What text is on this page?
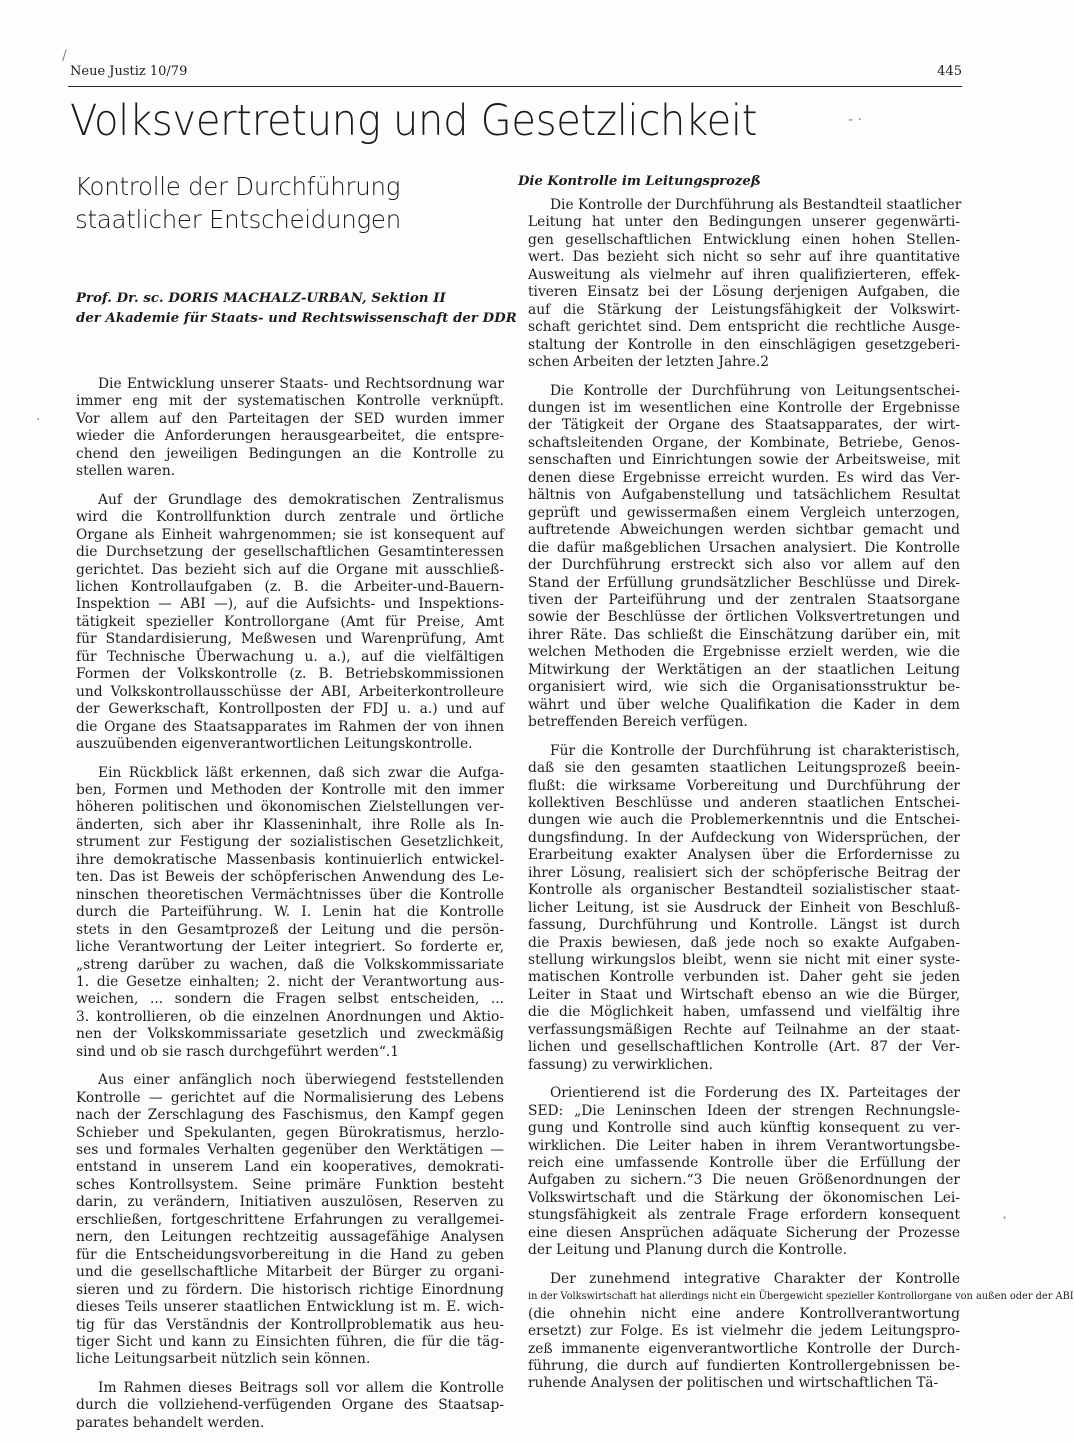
Neue Justiz 10/79	445
Volksvertretung und Gesetzlichkeit
Kontrolle der Durchführung
staatlicher Entscheidungen
Prof. Dr. sc. DORIS MACHALZ-URBAN, Sektion II
der Akademie für Staats- und Rechtswissenschaft der DDR
Die Entwicklung unserer Staats- und Rechtsordnung war
immer eng mit der systematischen Kontrolle verknüpft.
Vor allem auf den Parteitagen der SED wurden immer
wieder die Anforderungen herausgearbeitet, die entspre-
chend den jeweiligen Bedingungen an die Kontrolle zu
stellen waren.
Auf der Grundlage des demokratischen Zentralismus
wird die Kontrollfunktion durch zentrale und örtliche
Organe als Einheit wahrgenommen; sie ist konsequent auf
die Durchsetzung der gesellschaftlichen Gesamtinteressen
gerichtet. Das bezieht sich auf die Organe mit ausschließ-
lichen Kontrollaufgaben (z. B. die Arbeiter-und-Bauern-
Inspektion — ABI —), auf die Aufsichts- und Inspektions-
tätigkeit spezieller Kontrollorgane (Amt für Preise, Amt
für Standardisierung, Meßwesen und Warenprüfung, Amt
für Technische Überwachung u. a.), auf die vielfältigen
Formen der Volkskontrolle (z. B. Betriebskommissionen
und Volkskontrollausschüsse der ABI, Arbeiterkontrolleure
der Gewerkschaft, Kontrollposten der FDJ u. a.) und auf
die Organe des Staatsapparates im Rahmen der von ihnen
auszuübenden eigenverantwortlichen Leitungskontrolle.
Ein Rückblick läßt erkennen, daß sich zwar die Aufga-
ben, Formen und Methoden der Kontrolle mit den immer
höheren politischen und ökonomischen Zielstellungen ver-
änderten, sich aber ihr Klasseninhalt, ihre Rolle als In-
strument zur Festigung der sozialistischen Gesetzlichkeit,
ihre demokratische Massenbasis kontinuierlich entwickel-
ten. Das ist Beweis der schöpferischen Anwendung des Le-
ninschen theoretischen Vermächtnisses über die Kontrolle
durch die Parteiführung. W. I. Lenin hat die Kontrolle
stets in den Gesamtprozeß der Leitung und die persön-
liche Verantwortung der Leiter integriert. So forderte er,
„streng darüber zu wachen, daß die Volkskommissariate
1. die Gesetze einhalten; 2. nicht der Verantwortung aus-
weichen, ... sondern die Fragen selbst entscheiden, ...
3. kontrollieren, ob die einzelnen Anordnungen und Aktio-
nen der Volkskommissariate gesetzlich und zweckmäßig
sind und ob sie rasch durchgeführt werden“.1
Aus einer anfänglich noch überwiegend feststellenden
Kontrolle — gerichtet auf die Normalisierung des Lebens
nach der Zerschlagung des Faschismus, den Kampf gegen
Schieber und Spekulanten, gegen Bürokratismus, herzlo-
ses und formales Verhalten gegenüber den Werktätigen —
entstand in unserem Land ein kooperatives, demokrati-
sches Kontrollsystem. Seine primäre Funktion besteht
darin, zu verändern, Initiativen auszulösen, Reserven zu
erschließen, fortgeschrittene Erfahrungen zu verallgemei-
nern, den Leitungen rechtzeitig aussagefähige Analysen
für die Entscheidungsvorbereitung in die Hand zu geben
und die gesellschaftliche Mitarbeit der Bürger zu organi-
sieren und zu fördern. Die historisch richtige Einordnung
dieses Teils unserer staatlichen Entwicklung ist m. E. wich-
tig für das Verständnis der Kontrollproblematik aus heu-
tiger Sicht und kann zu Einsichten führen, die für die täg-
liche Leitungsarbeit nützlich sein können.
Im Rahmen dieses Beitrags soll vor allem die Kontrolle
durch die vollziehend-verfügenden Organe des Staatsap-
parates behandelt werden.
Die Kontrolle im Leitungsprozeß
Die Kontrolle der Durchführung als Bestandteil staatlicher
Leitung hat unter den Bedingungen unserer gegenwärti-
gen gesellschaftlichen Entwicklung einen hohen Stellen-
wert. Das bezieht sich nicht so sehr auf ihre quantitative
Ausweitung als vielmehr auf ihren qualifizierteren, effek-
tiveren Einsatz bei der Lösung derjenigen Aufgaben, die
auf die Stärkung der Leistungsfähigkeit der Volkswirt-
schaft gerichtet sind. Dem entspricht die rechtliche Ausge-
staltung der Kontrolle in den einschlägigen gesetzgeberi-
schen Arbeiten der letzten Jahre.2
Die Kontrolle der Durchführung von Leitungsentschei-
dungen ist im wesentlichen eine Kontrolle der Ergebnisse
der Tätigkeit der Organe des Staatsapparates, der wirt-
schaftsleitenden Organe, der Kombinate, Betriebe, Genos-
senschaften und Einrichtungen sowie der Arbeitsweise, mit
denen diese Ergebnisse erreicht wurden. Es wird das Ver-
hältnis von Aufgabenstellung und tatsächlichem Resultat
geprüft und gewissermaßen einem Vergleich unterzogen,
auftretende Abweichungen werden sichtbar gemacht und
die dafür maßgeblichen Ursachen analysiert. Die Kontrolle
der Durchführung erstreckt sich also vor allem auf den
Stand der Erfüllung grundsätzlicher Beschlüsse und Direk-
tiven der Parteiführung und der zentralen Staatsorgane
sowie der Beschlüsse der örtlichen Volksvertretungen und
ihrer Räte. Das schließt die Einschätzung darüber ein, mit
welchen Methoden die Ergebnisse erzielt werden, wie die
Mitwirkung der Werktätigen an der staatlichen Leitung
organisiert wird, wie sich die Organisationsstruktur be-
währt und über welche Qualifikation die Kader in dem
betreffenden Bereich verfügen.
Für die Kontrolle der Durchführung ist charakteristisch,
daß sie den gesamten staatlichen Leitungsprozeß beein-
flußt: die wirksame Vorbereitung und Durchführung der
kollektiven Beschlüsse und anderen staatlichen Entschei-
dungen wie auch die Problemerkenntnis und die Entschei-
dungsfindung. In der Aufdeckung von Widersprüchen, der
Erarbeitung exakter Analysen über die Erfordernisse zu
ihrer Lösung, realisiert sich der schöpferische Beitrag der
Kontrolle als organischer Bestandteil sozialistischer staat-
licher Leitung, ist sie Ausdruck der Einheit von Beschluß-
fassung, Durchführung und Kontrolle. Längst ist durch
die Praxis bewiesen, daß jede noch so exakte Aufgaben-
stellung wirkungslos bleibt, wenn sie nicht mit einer syste-
matischen Kontrolle verbunden ist. Daher geht sie jeden
Leiter in Staat und Wirtschaft ebenso an wie die Bürger,
die die Möglichkeit haben, umfassend und vielfältig ihre
verfassungsmäßigen Rechte auf Teilnahme an der staat-
lichen und gesellschaftlichen Kontrolle (Art. 87 der Ver-
fassung) zu verwirklichen.
Orientierend ist die Forderung des IX. Parteitages der
SED: „Die Leninschen Ideen der strengen Rechnungsle-
gung und Kontrolle sind auch künftig konsequent zu ver-
wirklichen. Die Leiter haben in ihrem Verantwortungsbe-
reich eine umfassende Kontrolle über die Erfüllung der
Aufgaben zu sichern.“3 Die neuen Größenordnungen der
Volkswirtschaft und die Stärkung der ökonomischen Lei-
stungsfähigkeit als zentrale Frage erfordern konsequent
eine diesen Ansprüchen adäquate Sicherung der Prozesse
der Leitung und Planung durch die Kontrolle.
Der zunehmend integrative Charakter der Kontrolle
in der Volkswirtschaft hat allerdings nicht ein Übergewicht spezieller Kontrollorgane von außen oder der ABI
(die ohnehin nicht eine andere Kontrollverantwortung
ersetzt) zur Folge. Es ist vielmehr die jedem Leitungspro-
zeß immanente eigenverantwortliche Kontrolle der Durch-
führung, die durch auf fundierten Kontrollergebnissen be-
ruhende Analysen der politischen und wirtschaftlichen Tä-
/
·
·
- ·
